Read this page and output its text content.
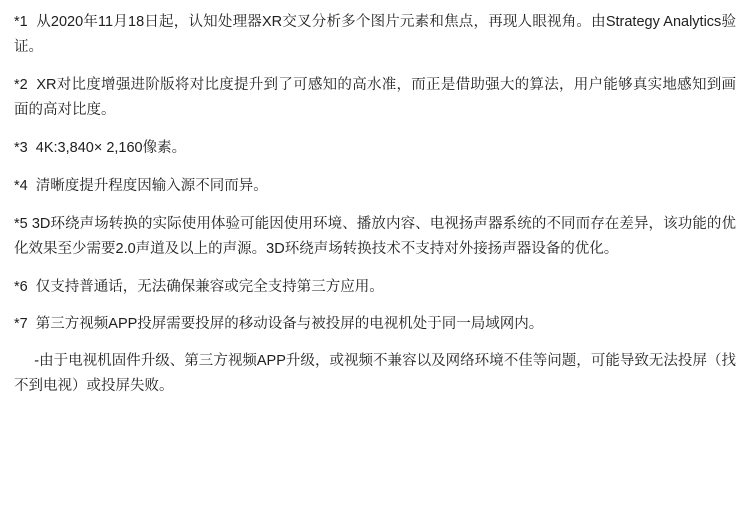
*1 从2020年11月18日起，认知处理器XR交叉分析多个图片元素和焦点，再现人眼视角。由Strategy Analytics验证。

*2 XR对比度增强进阶版将对比度提升到了可感知的高水准，而正是借助强大的算法，用户能够真实地感知到画面的高对比度。

*3 4K:3,840× 2,160像素。

*4 清晰度提升程度因输入源不同而异。

*5 3D环绕声场转换的实际使用体验可能因使用环境、播放内容、电视扬声器系统的不同而存在差异，该功能的优化效果至少需要2.0声道及以上的声源。3D环绕声场转换技术不支持对外接扬声器设备的优化。

*6 仅支持普通话，无法确保兼容或完全支持第三方应用。

*7 第三方视频APP投屏需要投屏的移动设备与被投屏的电视机处于同一局域网内。

-由于电视机固件升级、第三方视频APP升级，或视频不兼容以及网络环境不佳等问题，可能导致无法投屏（找不到电视）或投屏失败。
